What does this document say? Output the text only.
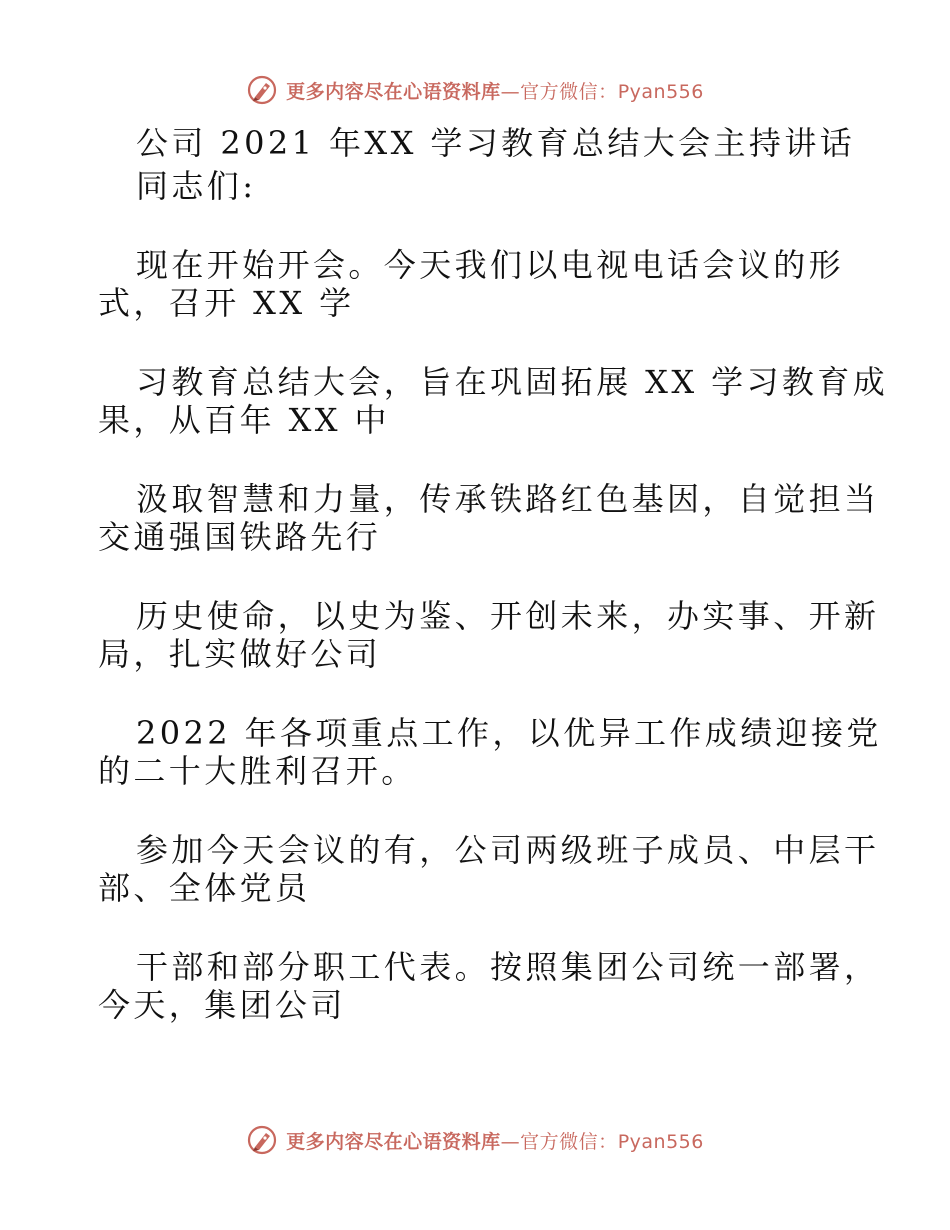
更多内容尽在心语资料库—官方微信：Pyan556

公司 2021 年XX 学习教育总结大会主持讲话

同志们:

现在开始开会。今天我们以电视电话会议的形

式，召开 XX 学

习教育总结大会，旨在巩固拓展 XX 学习教育成

果，从百年 XX 中

汲取智慧和力量，传承铁路红色基因，自觉担当

交通强国铁路先行

历史使命，以史为鉴、开创未来，办实事、开新

局，扎实做好公司

2022 年各项重点工作，以优异工作成绩迎接党

的二十大胜利召开。

参加今天会议的有，公司两级班子成员、中层干

部、全体党员

干部和部分职工代表。按照集团公司统一部署，

今天，集团公司

更多内容尽在心语资料库—官方微信：Pyan556
